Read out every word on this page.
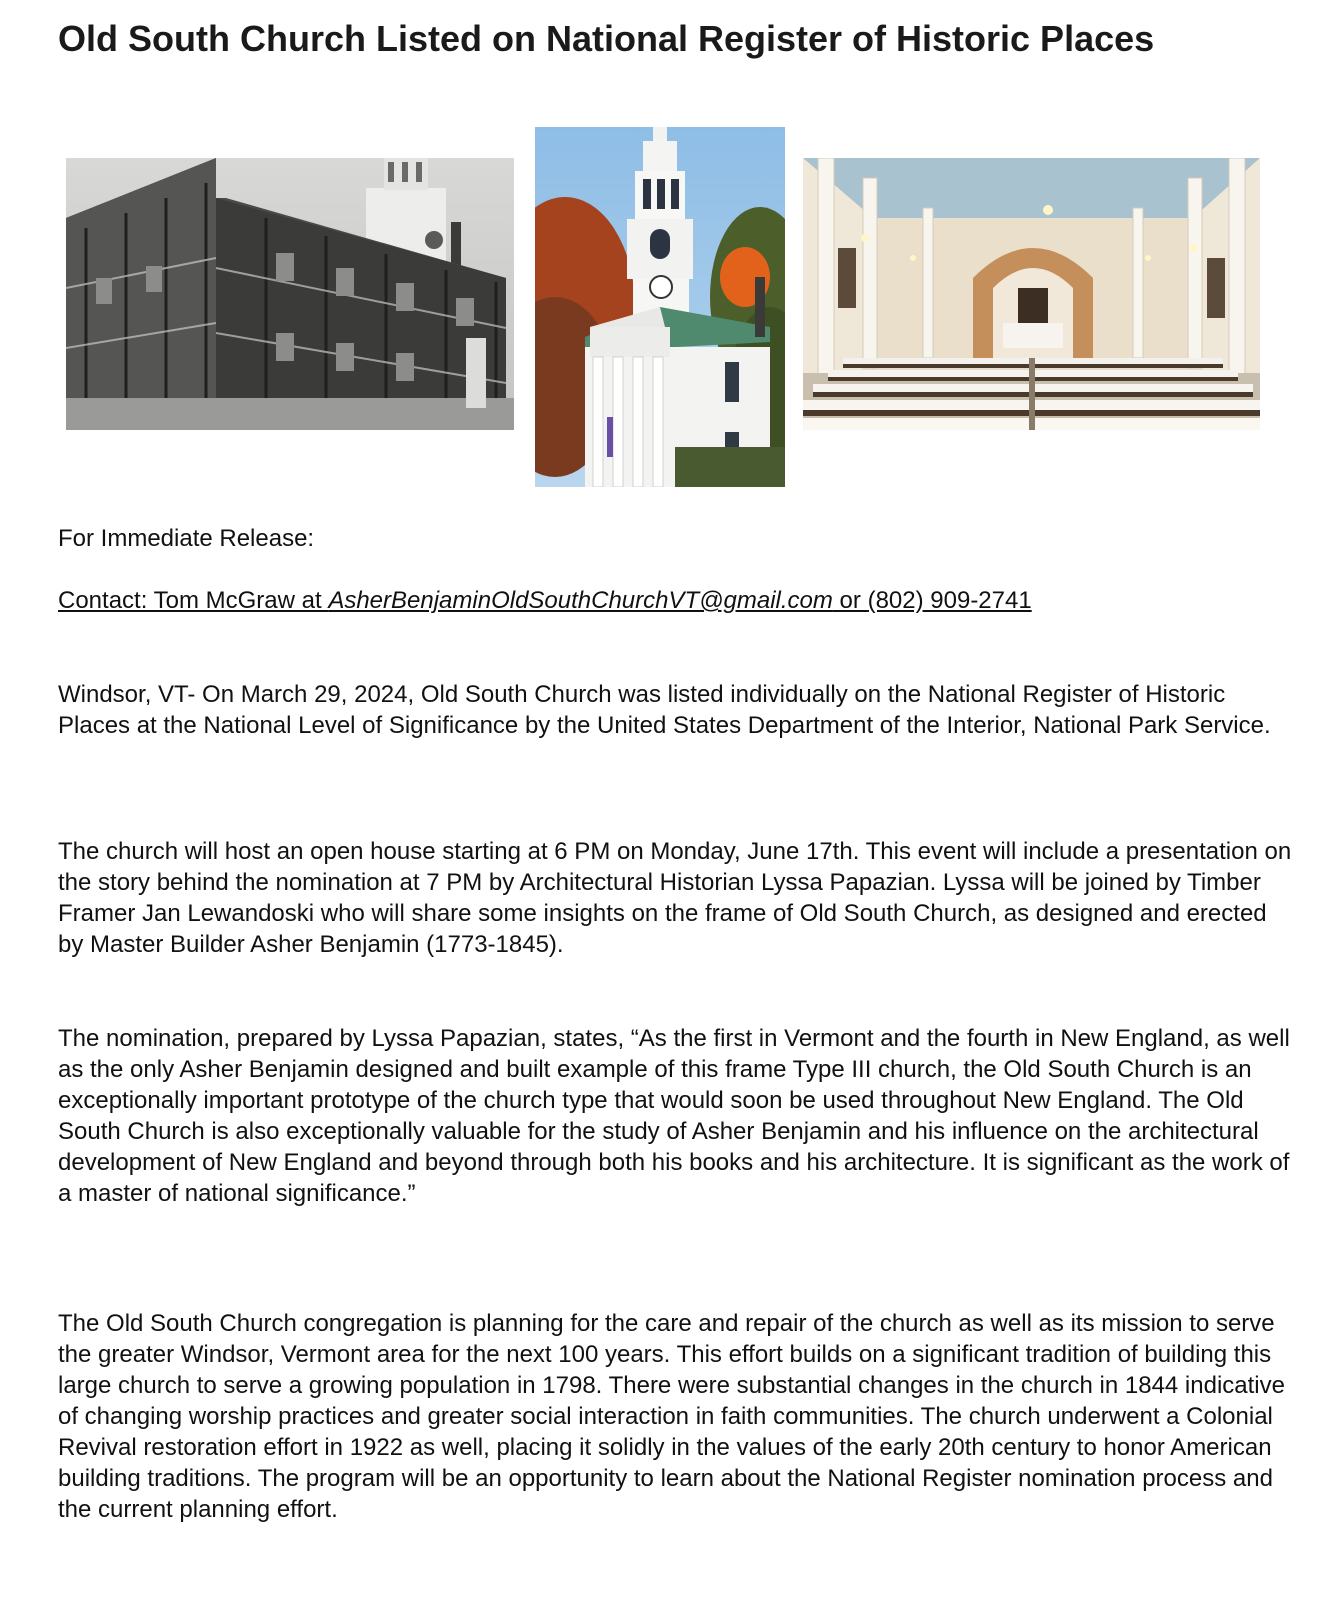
Old South Church Listed on National Register of Historic Places

For Immediate Release:

Contact: Tom McGraw at AsherBenjaminOldSouthChurchVT@gmail.com or (802) 909-2741

Windsor, VT- On March 29, 2024, Old South Church was listed individually on the National Register of Historic Places at the National Level of Significance by the United States Department of the Interior, National Park Service.

The church will host an open house starting at 6 PM on Monday, June 17th. This event will include a presentation on the story behind the nomination at 7 PM by Architectural Historian Lyssa Papazian. Lyssa will be joined by Timber Framer Jan Lewandoski who will share some insights on the frame of Old South Church, as designed and erected by Master Builder Asher Benjamin (1773-1845).

The nomination, prepared by Lyssa Papazian, states, “As the first in Vermont and the fourth in New England, as well as the only Asher Benjamin designed and built example of this frame Type III church, the Old South Church is an exceptionally important prototype of the church type that would soon be used throughout New England. The Old South Church is also exceptionally valuable for the study of Asher Benjamin and his influence on the architectural development of New England and beyond through both his books and his architecture. It is significant as the work of a master of national significance.”

The Old South Church congregation is planning for the care and repair of the church as well as its mission to serve the greater Windsor, Vermont area for the next 100 years. This effort builds on a significant tradition of building this large church to serve a growing population in 1798. There were substantial changes in the church in 1844 indicative of changing worship practices and greater social interaction in faith communities. The church underwent a Colonial Revival restoration effort in 1922 as well, placing it solidly in the values of the early 20th century to honor American building traditions. The program will be an opportunity to learn about the National Register nomination process and the current planning effort.
